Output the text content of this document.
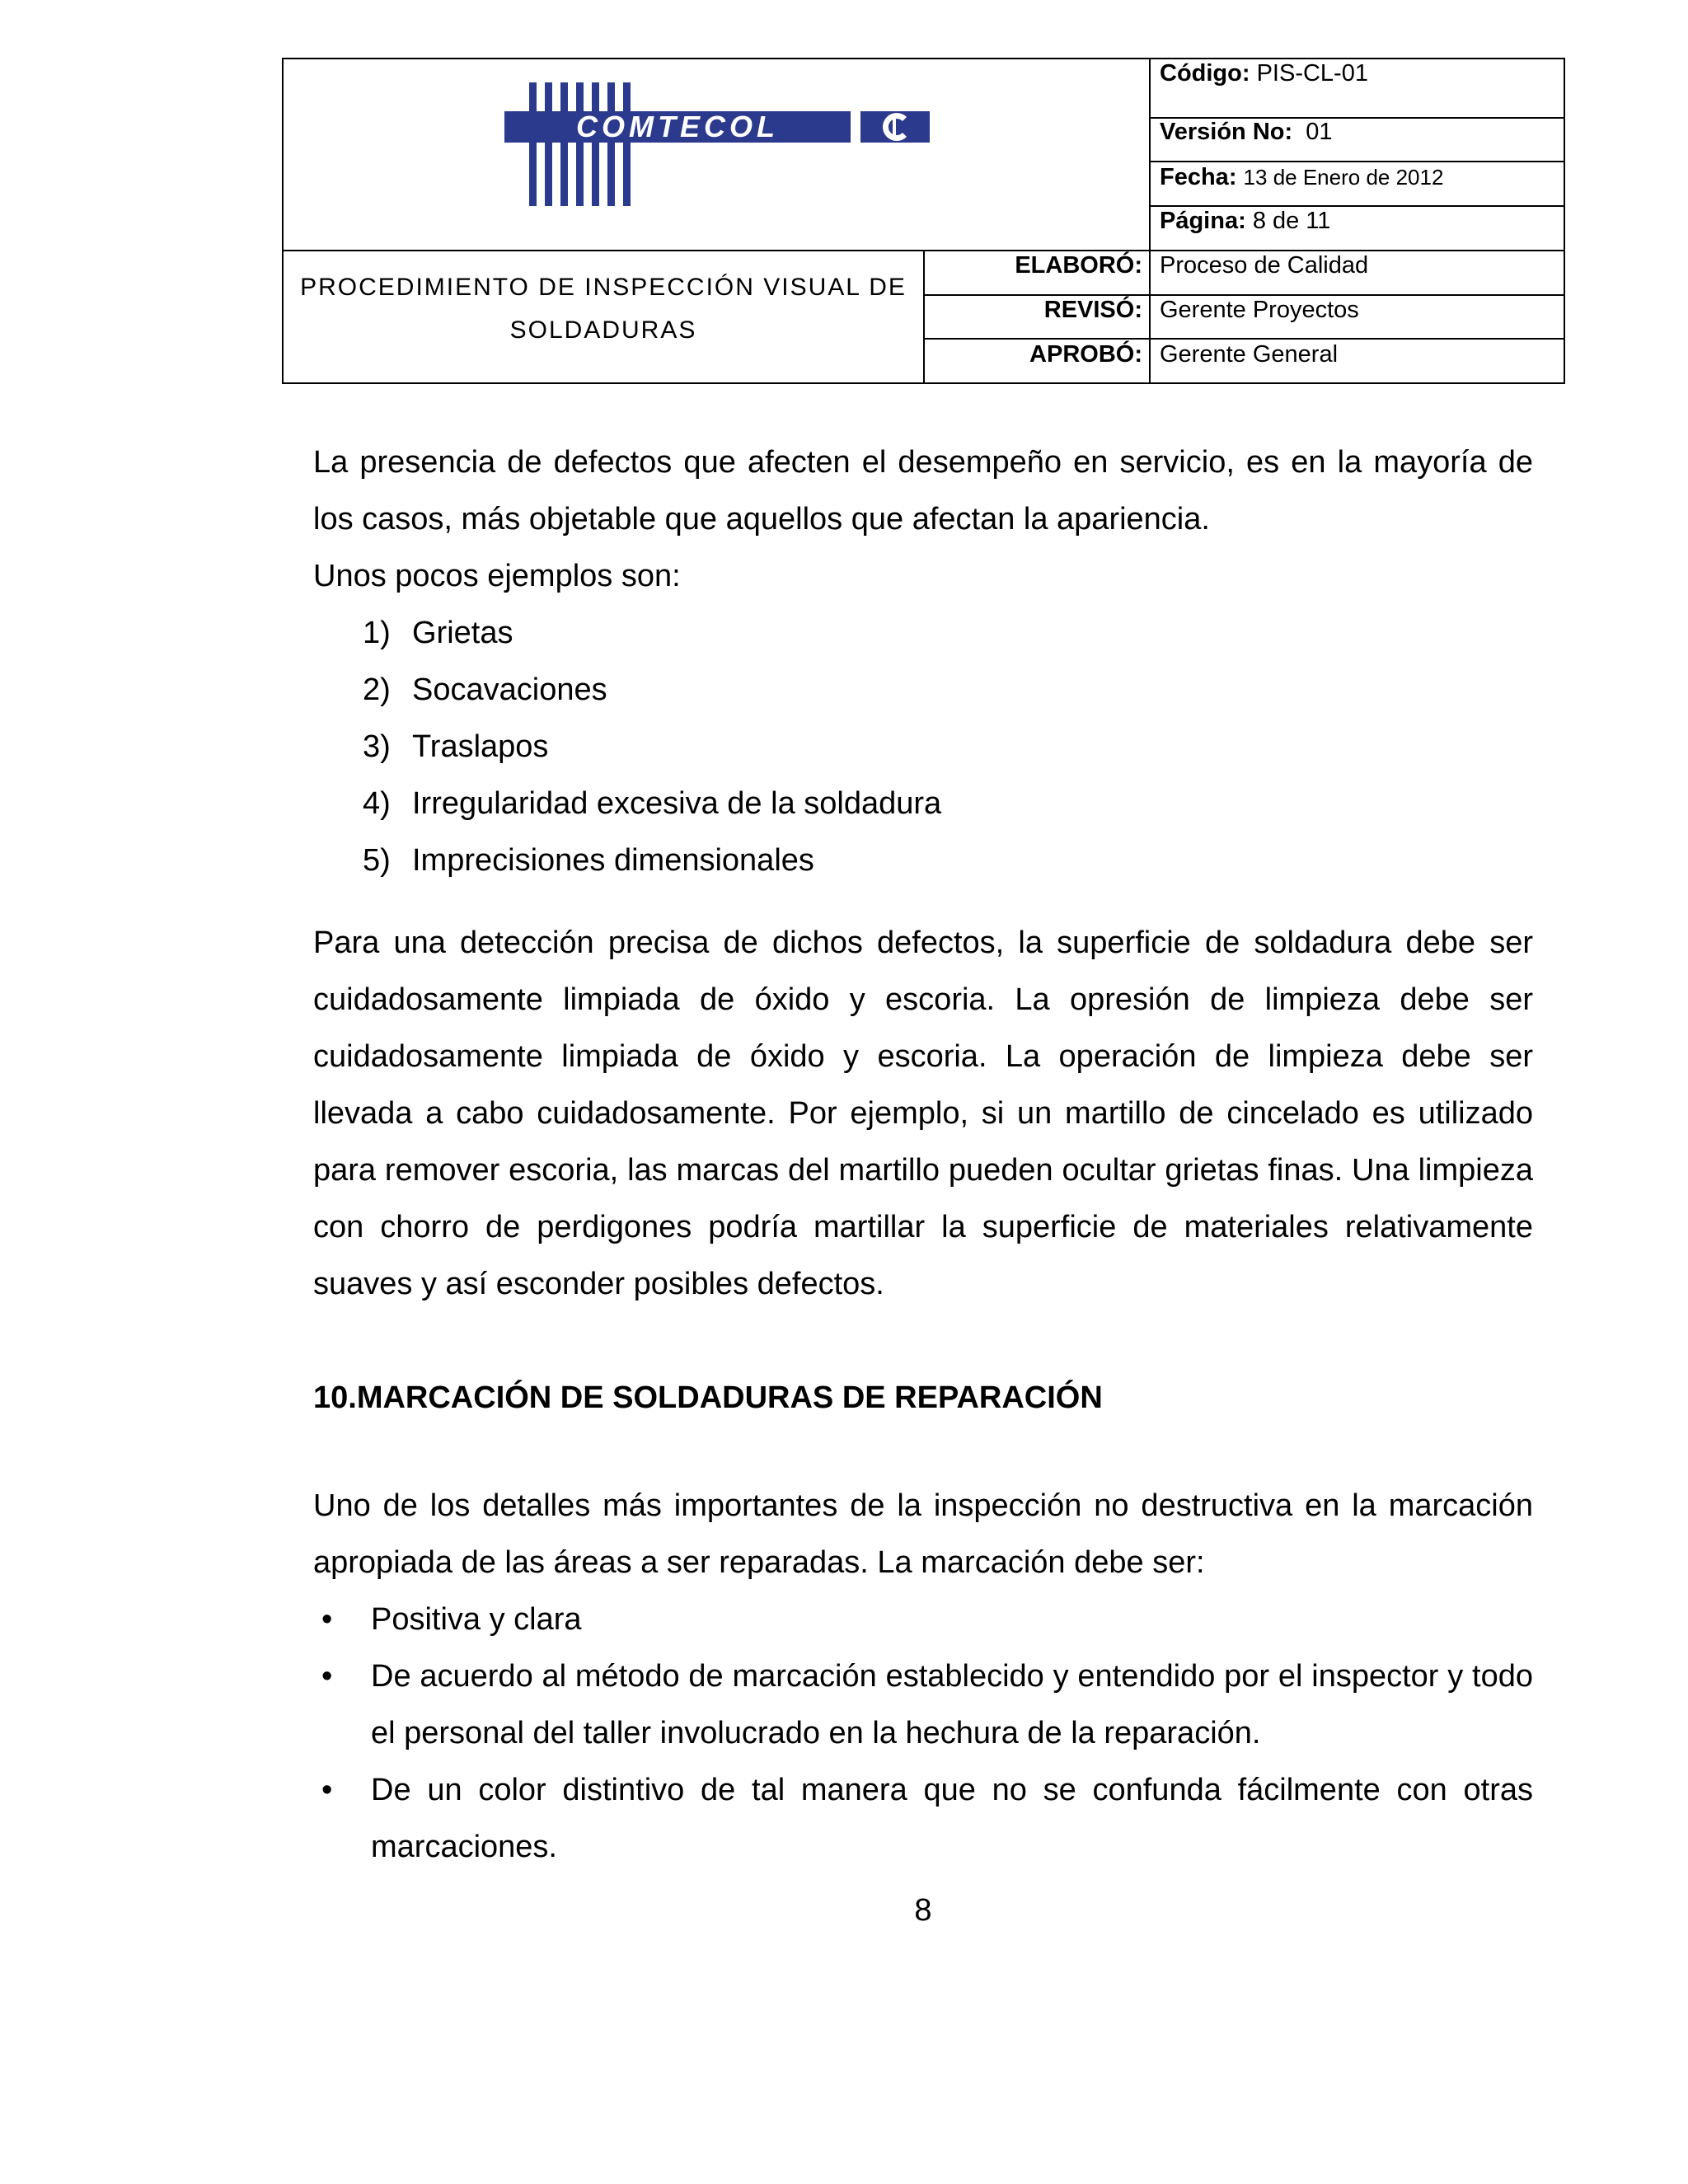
COMTECOL
Código: PIS-CL-01
Versión No: 01
Fecha: 13 de Enero de 2012
Página: 8 de 11
PROCEDIMIENTO DE INSPECCIÓN VISUAL DE
SOLDADURAS
ELABORÓ: Proceso de Calidad
REVISÓ: Gerente Proyectos
APROBÓ: Gerente General

La presencia de defectos que afecten el desempeño en servicio, es en la mayoría de los casos, más objetable que aquellos que afectan la apariencia.

Unos pocos ejemplos son:

1) Grietas
2) Socavaciones
3) Traslapos
4) Irregularidad excesiva de la soldadura
5) Imprecisiones dimensionales

Para una detección precisa de dichos defectos, la superficie de soldadura debe ser cuidadosamente limpiada de óxido y escoria. La opresión de limpieza debe ser cuidadosamente limpiada de óxido y escoria. La operación de limpieza debe ser llevada a cabo cuidadosamente. Por ejemplo, si un martillo de cincelado es utilizado para remover escoria, las marcas del martillo pueden ocultar grietas finas. Una limpieza con chorro de perdigones podría martillar la superficie de materiales relativamente suaves y así esconder posibles defectos.

10.MARCACIÓN DE SOLDADURAS DE REPARACIÓN

Uno de los detalles más importantes de la inspección no destructiva en la marcación apropiada de las áreas a ser reparadas. La marcación debe ser:

•	Positiva y clara
•	De acuerdo al método de marcación establecido y entendido por el inspector y todo el personal del taller involucrado en la hechura de la reparación.
•	De un color distintivo de tal manera que no se confunda fácilmente con otras marcaciones.
8
